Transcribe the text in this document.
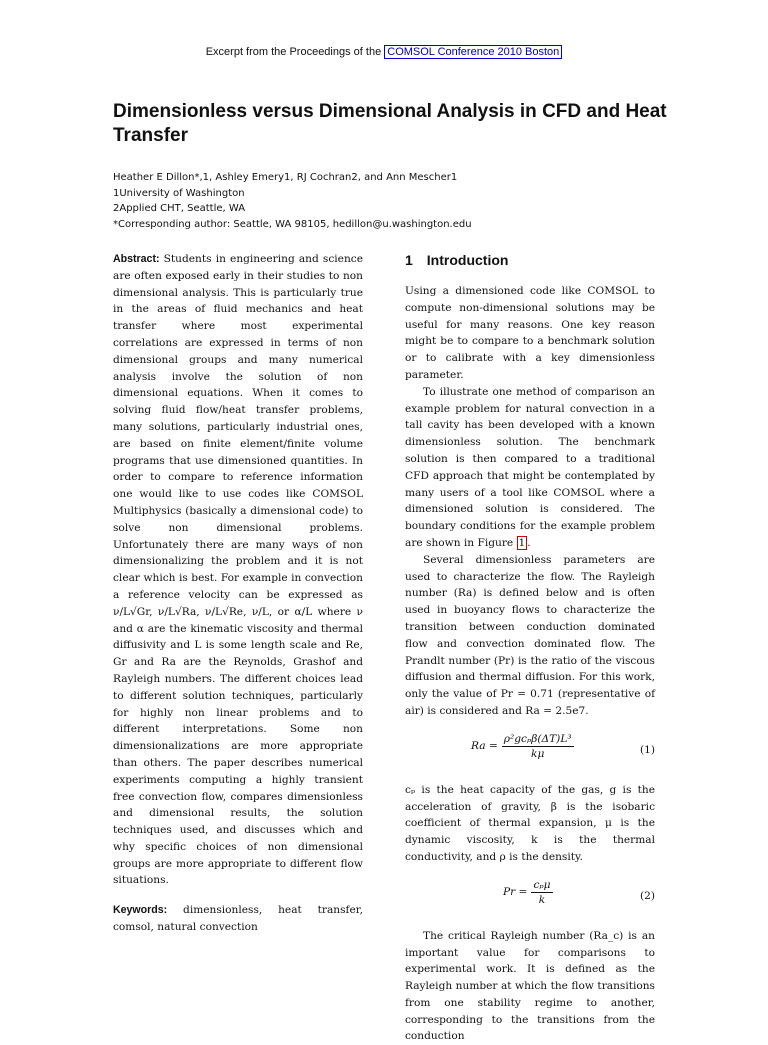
Excerpt from the Proceedings of the COMSOL Conference 2010 Boston
Dimensionless versus Dimensional Analysis in CFD and Heat Transfer
Heather E Dillon*,1, Ashley Emery1, RJ Cochran2, and Ann Mescher1
1University of Washington
2Applied CHT, Seattle, WA
*Corresponding author: Seattle, WA 98105, hedillon@u.washington.edu

Abstract: Students in engineering and science are often exposed early in their studies to non dimensional analysis. This is particularly true in the areas of fluid mechanics and heat transfer where most experimental correlations are expressed in terms of non dimensional groups and many numerical analysis involve the solution of non dimensional equations. When it comes to solving fluid flow/heat transfer problems, many solutions, particularly industrial ones, are based on finite element/finite volume programs that use dimensioned quantities. In order to compare to reference information one would like to use codes like COMSOL Multiphysics (basically a dimensional code) to solve non dimensional problems. Unfortunately there are many ways of non dimensionalizing the problem and it is not clear which is best. For example in convection a reference velocity can be expressed as ν/L√Gr, ν/L√Ra, ν/L√Re, ν/L, or α/L where ν and α are the kinematic viscosity and thermal diffusivity and L is some length scale and Re, Gr and Ra are the Reynolds, Grashof and Rayleigh numbers. The different choices lead to different solution techniques, particularly for highly non linear problems and to different interpretations. Some non dimensionalizations are more appropriate than others. The paper describes numerical experiments computing a highly transient free convection flow, compares dimensionless and dimensional results, the solution techniques used, and discusses which and why specific choices of non dimensional groups are more appropriate to different flow situations.

Keywords: dimensionless, heat transfer, comsol, natural convection
1 Introduction

Using a dimensioned code like COMSOL to compute non-dimensional solutions may be useful for many reasons. One key reason might be to compare to a benchmark solution or to calibrate with a key dimensionless parameter.

To illustrate one method of comparison an example problem for natural convection in a tall cavity has been developed with a known dimensionless solution. The benchmark solution is then compared to a traditional CFD approach that might be contemplated by many users of a tool like COMSOL where a dimensioned solution is considered. The boundary conditions for the example problem are shown in Figure 1 .

Several dimensionless parameters are used to characterize the flow. The Rayleigh number (Ra) is defined below and is often used in buoyancy flows to characterize the transition between conduction dominated flow and convection dominated flow. The Prandlt number (Pr) is the ratio of the viscous diffusion and thermal diffusion. For this work, only the value of Pr = 0.71 (representative of air) is considered and Ra = 2.5e7.

$Ra = \frac{\text{ρ²gcₚβ(ΔT)L³}}{k\mu}$	(1)

cₚ is the heat capacity of the gas, g is the acceleration of gravity, β is the isobaric coefficient of thermal expansion, μ is the dynamic viscosity, k is the thermal conductivity, and ρ is the density.

$Pr = \frac{\text{cₚμ}}{k}$	(2)

The critical Rayleigh number (Ra_c) is an important value for comparisons to experimental work. It is defined as the Rayleigh number at which the flow transitions from one stability regime to another, corresponding to the transitions from the conduction
